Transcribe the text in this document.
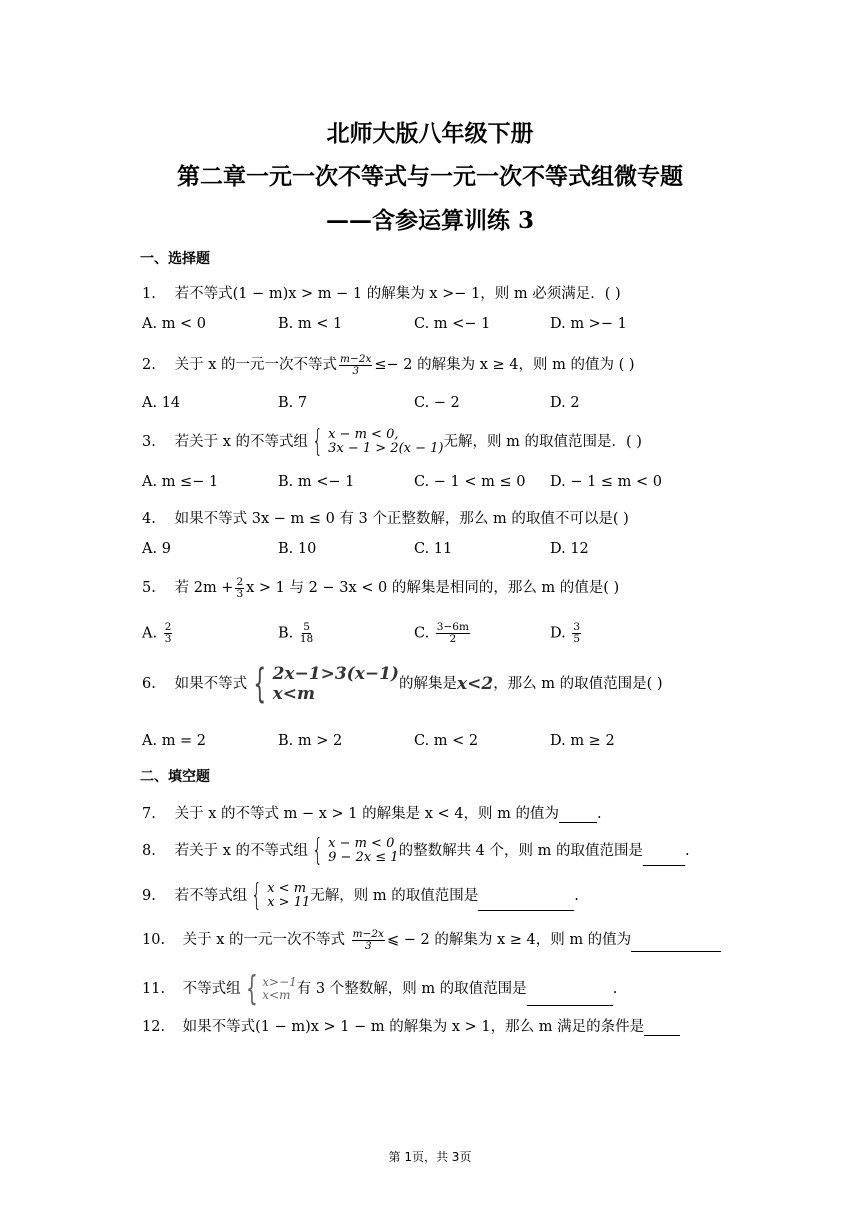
北师大版八年级下册
第二章一元一次不等式与一元一次不等式组微专题
——含参运算训练 3
一、选择题
1. 若不等式(1 − m)x > m − 1 的解集为 x >− 1，则 m 必须满足．( )
A. m < 0	B. m < 1	C. m <− 1	D. m >− 1
2. 关于 x 的一元一次不等式 $\frac{m-2x}{3} \le- 2$ 的解集为 x ≥ 4，则 m 的值为 ( )
A. 14	B. 7	C. − 2	D. 2
3. 若关于 x 的不等式组 { x − m < 0,
3x − 1 > 2(x − 1) 无解，则 m 的取值范围是．( )
A. m ≤− 1	B. m <− 1	C. − 1 < m ≤ 0 D. − 1 ≤ m < 0
4. 如果不等式 3x − m ≤ 0 有 3 个正整数解，那么 m 的取值不可以是( )
A. 9	B. 10	C. 11	D. 12
5. 若 $2m + \frac{2}{3}$ x > 1 与 2 − 3x < 0 的解集是相同的，那么 m 的值是( )
A. $\frac{2}{3}$	B. $\frac{5}{18}$	C. $\frac{3-6m}{2}$	D. $\frac{3}{5}$
6. 如果不等式 { 2x−1>3(x−1)
x<m	的解集是 x<2 ，那么 m 的取值范围是( )
A. m = 2	B. m > 2	C. m < 2	D. m ≥ 2
二、填空题
7. 关于 x 的不等式 m − x > 1 的解集是 x < 4，则 m 的值为	.
8. 若关于 x 的不等式组 { x − m < 0
9 − 2x ≤ 1 的整数解共 4 个，则 m 的取值范围是	.
9. 若不等式组 { x < m
x > 11 无解，则 m 的取值范围是	.
10. 关于 x 的一元一次不等式 $\frac{m-2x}{3}$ ⩽ − 2 的解集为 x ≥ 4，则 m 的值为
11. 不等式组 { x>−1
x<m 有 3 个整数解，则 m 的取值范围是	.
12. 如果不等式(1 − m)x > 1 − m 的解集为 x > 1，那么 m 满足的条件是
第 1页，共 3页
